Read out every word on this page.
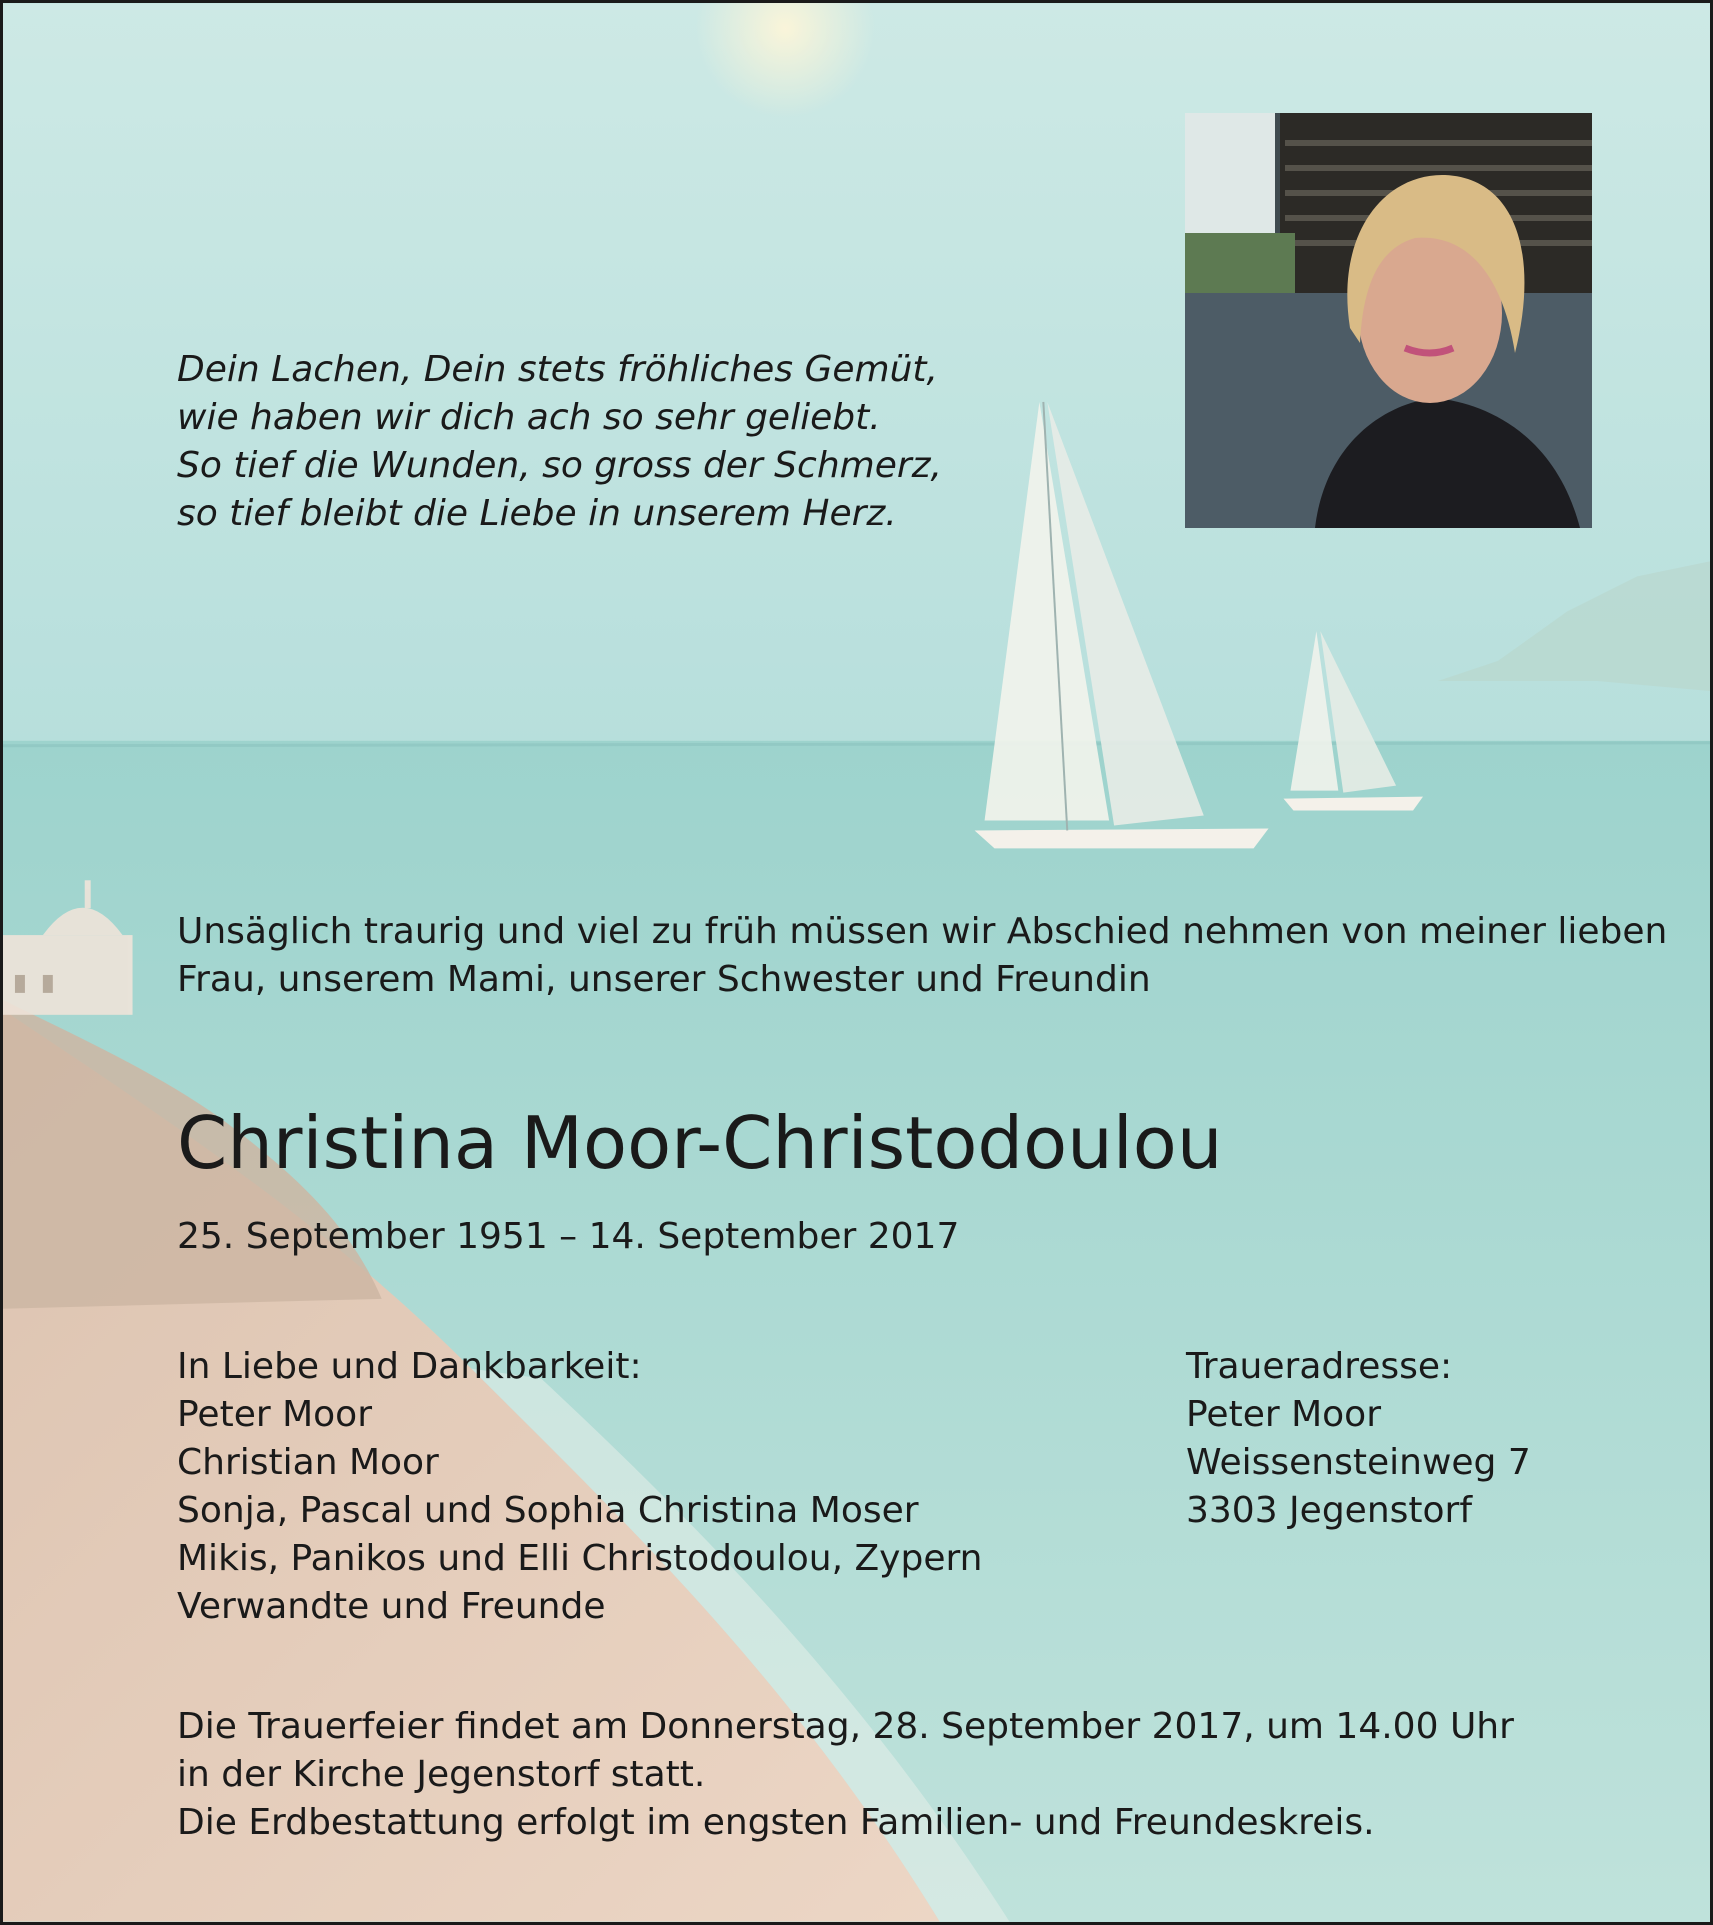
Dein Lachen, Dein stets fröhliches Gemüt,
wie haben wir dich ach so sehr geliebt.
So tief die Wunden, so gross der Schmerz,
so tief bleibt die Liebe in unserem Herz.
Unsäglich traurig und viel zu früh müssen wir Abschied nehmen von meiner lieben
Frau, unserem Mami, unserer Schwester und Freundin
Christina Moor-Christodoulou
25. September 1951 – 14. September 2017
In Liebe und Dankbarkeit:
Peter Moor
Christian Moor
Sonja, Pascal und Sophia Christina Moser
Mikis, Panikos und Elli Christodoulou, Zypern
Verwandte und Freunde
Traueradresse:
Peter Moor
Weissensteinweg 7
3303 Jegenstorf
Die Trauerfeier findet am Donnerstag, 28. September 2017, um 14.00 Uhr
in der Kirche Jegenstorf statt.
Die Erdbestattung erfolgt im engsten Familien- und Freundeskreis.
